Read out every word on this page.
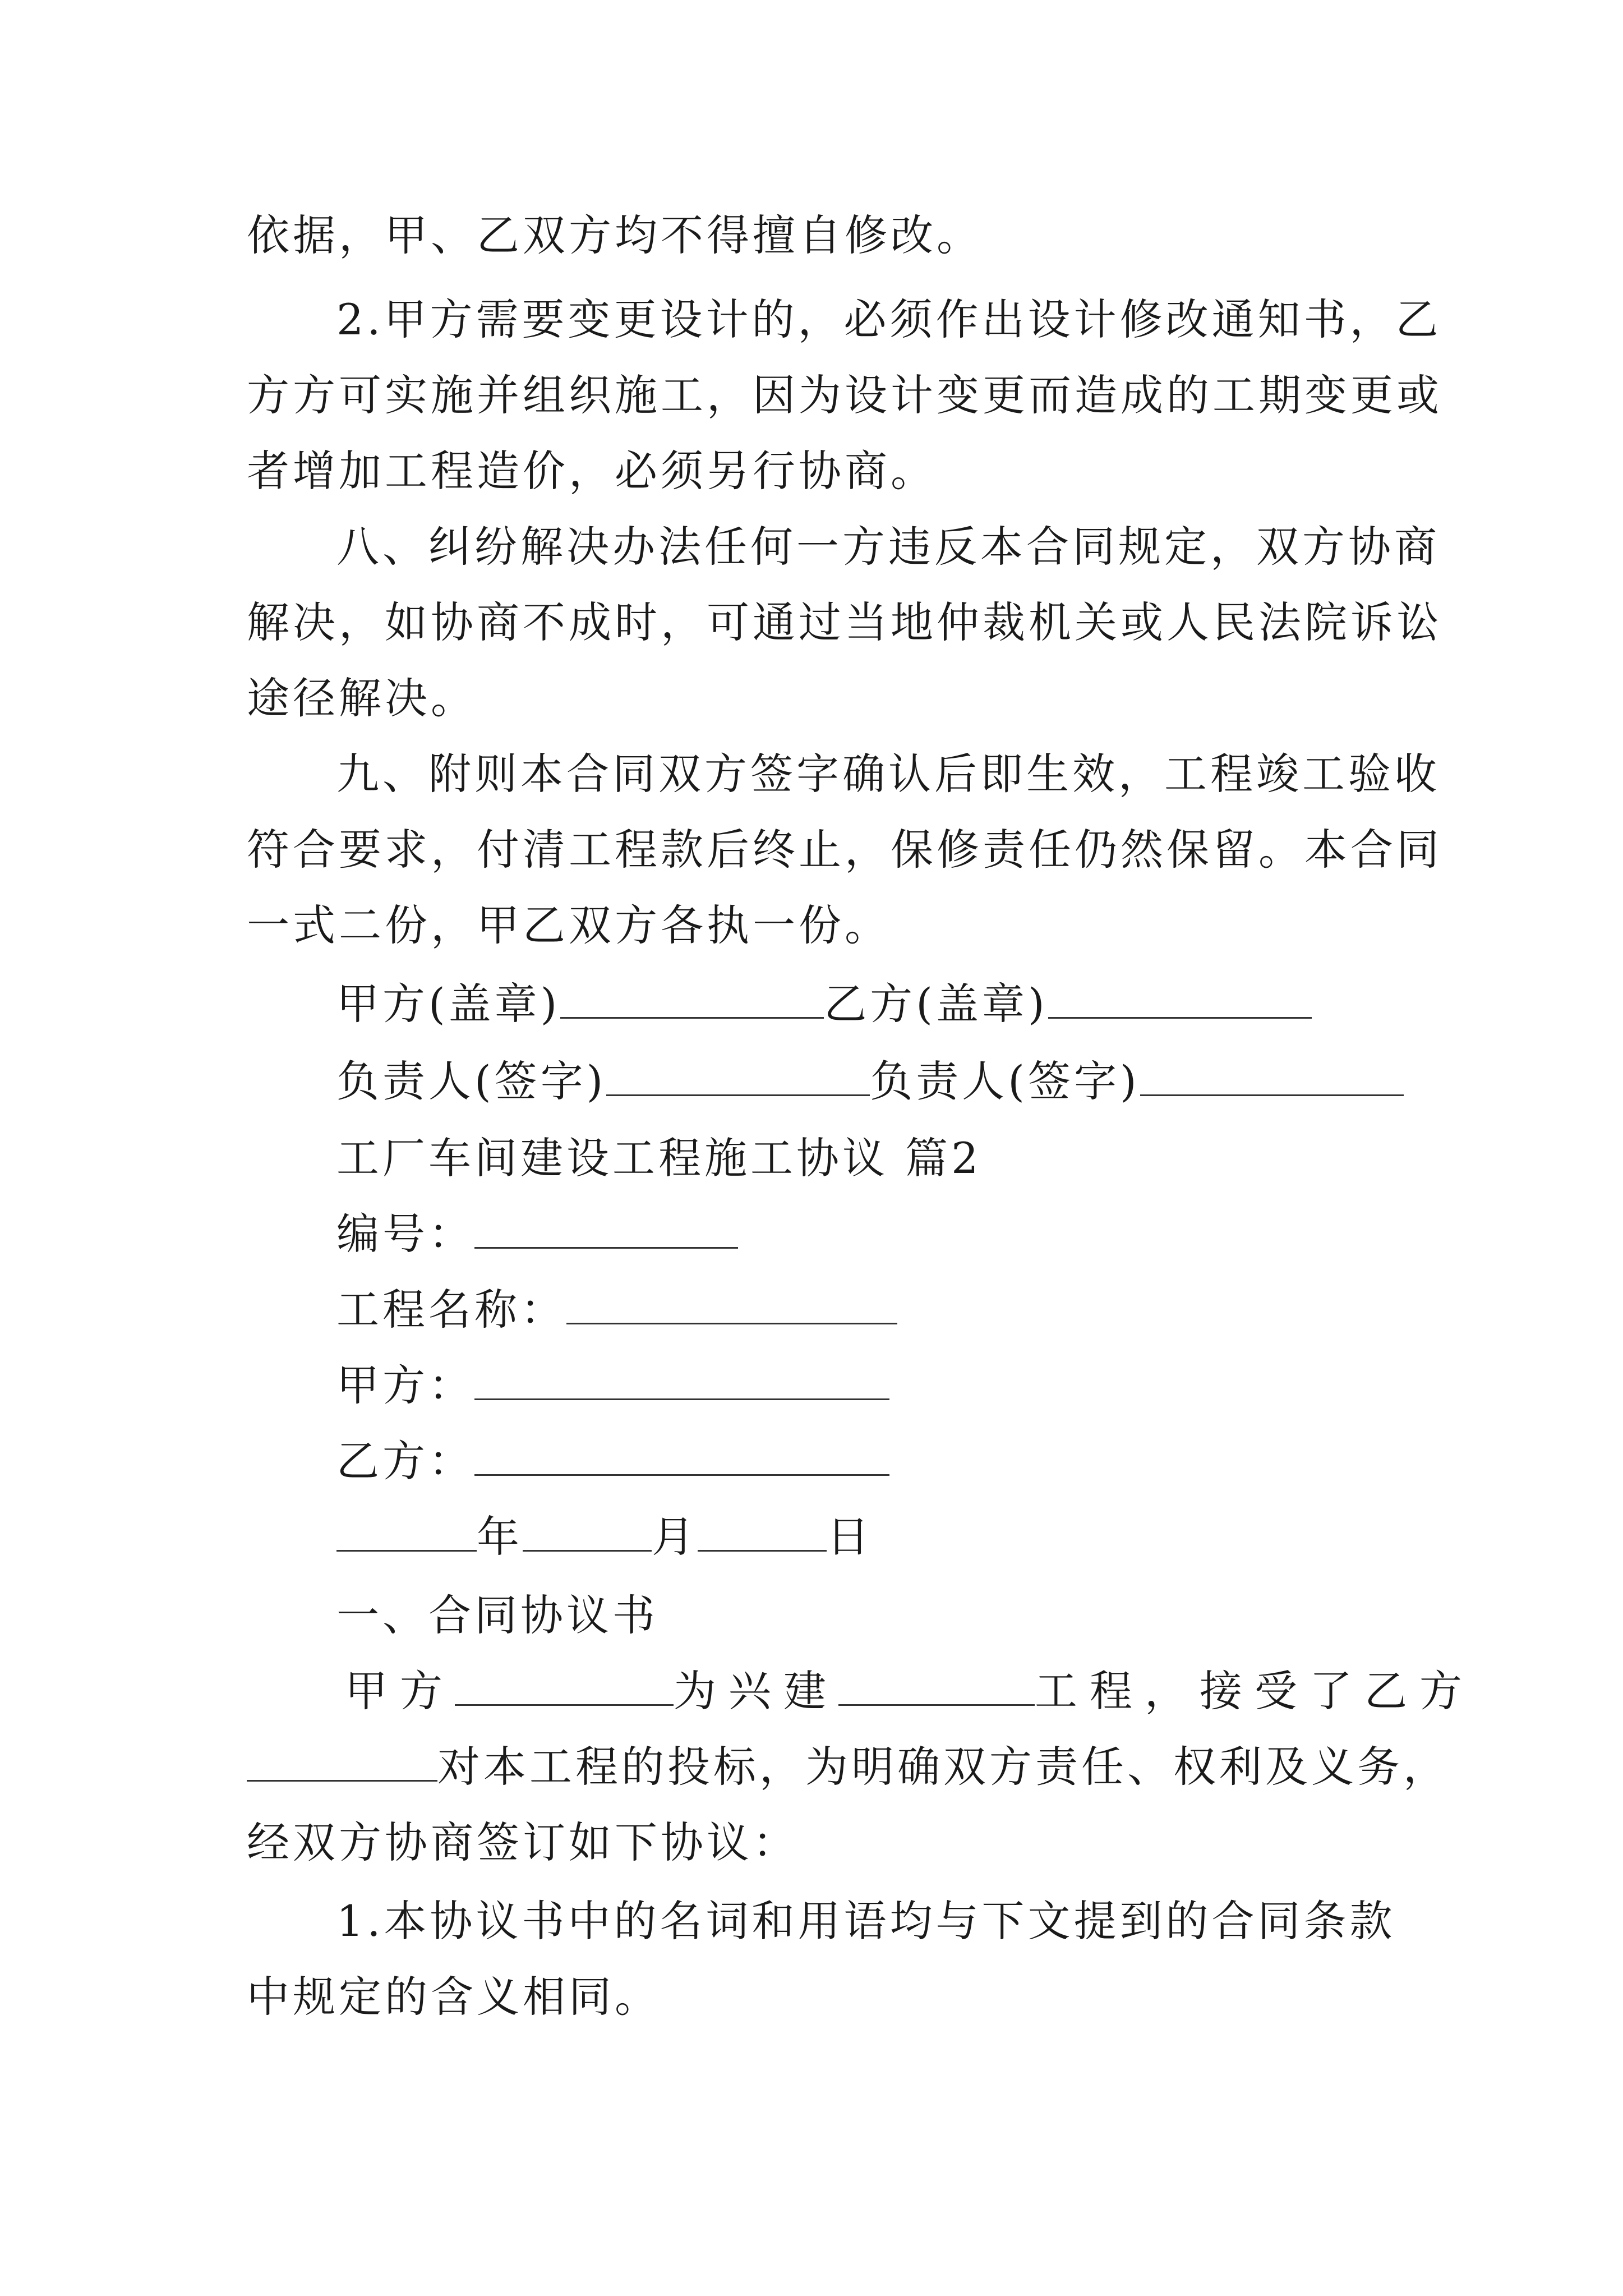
依据，甲、乙双方均不得擅自修改。
2.甲方需要变更设计的，必须作出设计修改通知书，乙
方方可实施并组织施工，因为设计变更而造成的工期变更或
者增加工程造价，必须另行协商。
八、纠纷解决办法任何一方违反本合同规定，双方协商
解决，如协商不成时，可通过当地仲裁机关或人民法院诉讼
途径解决。
九、附则本合同双方签字确认后即生效，工程竣工验收
符合要求，付清工程款后终止，保修责任仍然保留。本合同
一式二份，甲乙双方各执一份。
甲方(盖章)	乙方(盖章)
负责人(签字)	负责人(签字)
工厂车间建设工程施工协议 篇2
编号：
工程名称：
甲方：
乙方：
年	月	日
一、合同协议书
甲方	为兴建	工程，接受了乙方
对本工程的投标，为明确双方责任、权利及义务，
经双方协商签订如下协议：
1.本协议书中的名词和用语均与下文提到的合同条款
中规定的含义相同。
